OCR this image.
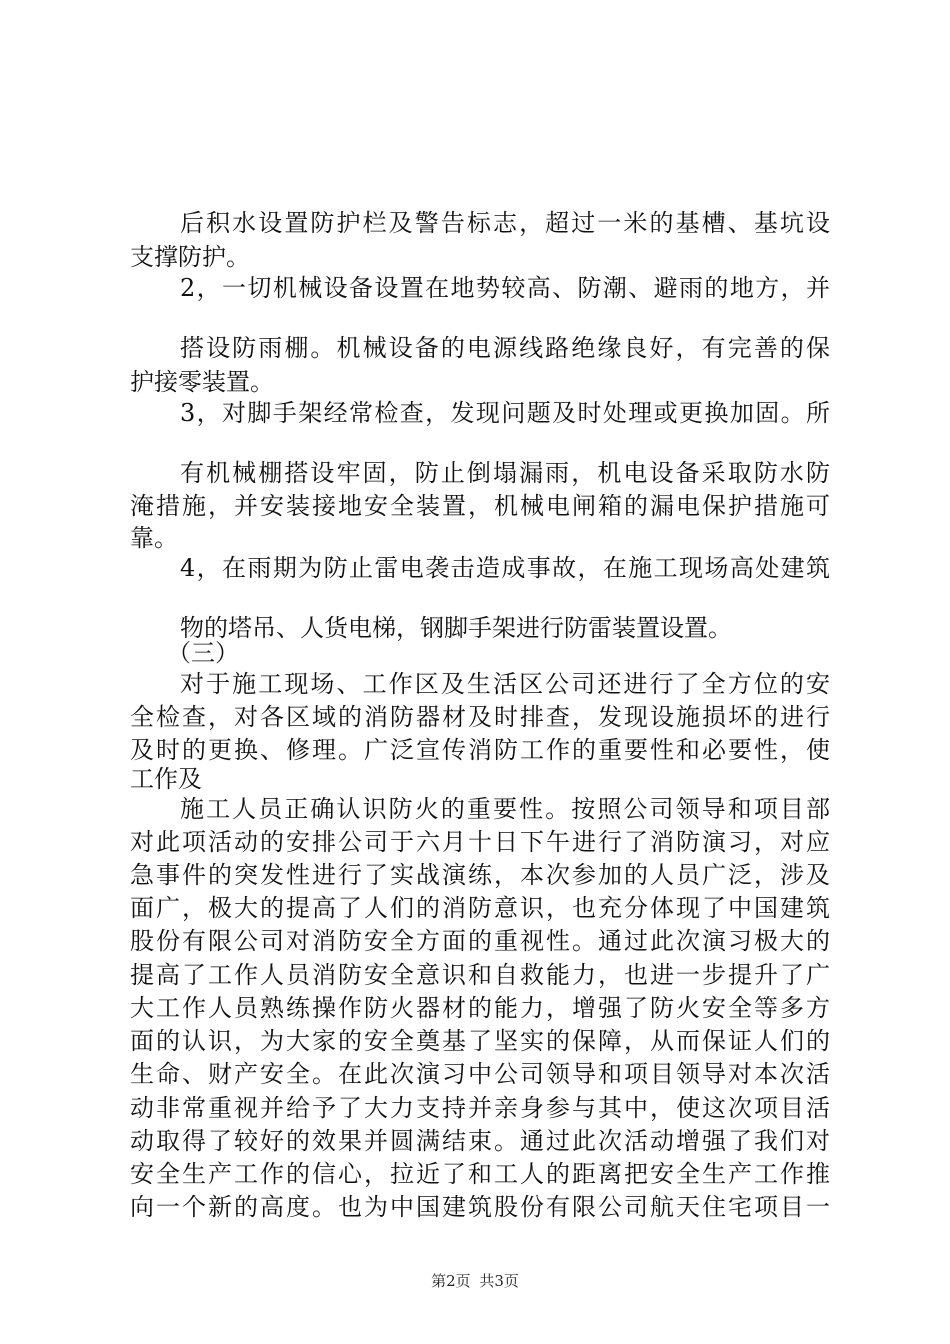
后积水设置防护栏及警告标志，超过一米的基槽、基坑设
支撑防护。
2，一切机械设备设置在地势较高、防潮、避雨的地方，并
搭设防雨棚。机械设备的电源线路绝缘良好，有完善的保
护接零装置。
3，对脚手架经常检查，发现问题及时处理或更换加固。所
有机械棚搭设牢固，防止倒塌漏雨，机电设备采取防水防
淹措施，并安装接地安全装置，机械电闸箱的漏电保护措施可
靠。
4，在雨期为防止雷电袭击造成事故，在施工现场高处建筑
物的塔吊、人货电梯，钢脚手架进行防雷装置设置。
（三）
对于施工现场、工作区及生活区公司还进行了全方位的安
全检查，对各区域的消防器材及时排查，发现设施损坏的进行
及时的更换、修理。广泛宣传消防工作的重要性和必要性，使
工作及
施工人员正确认识防火的重要性。按照公司领导和项目部
对此项活动的安排公司于六月十日下午进行了消防演习，对应
急事件的突发性进行了实战演练，本次参加的人员广泛，涉及
面广，极大的提高了人们的消防意识，也充分体现了中国建筑
股份有限公司对消防安全方面的重视性。通过此次演习极大的
提高了工作人员消防安全意识和自救能力，也进一步提升了广
大工作人员熟练操作防火器材的能力，增强了防火安全等多方
面的认识，为大家的安全奠基了坚实的保障，从而保证人们的
生命、财产安全。在此次演习中公司领导和项目领导对本次活
动非常重视并给予了大力支持并亲身参与其中，使这次项目活
动取得了较好的效果并圆满结束。通过此次活动增强了我们对
安全生产工作的信心，拉近了和工人的距离把安全生产工作推
向一个新的高度。也为中国建筑股份有限公司航天住宅项目一
第2页 共3页
